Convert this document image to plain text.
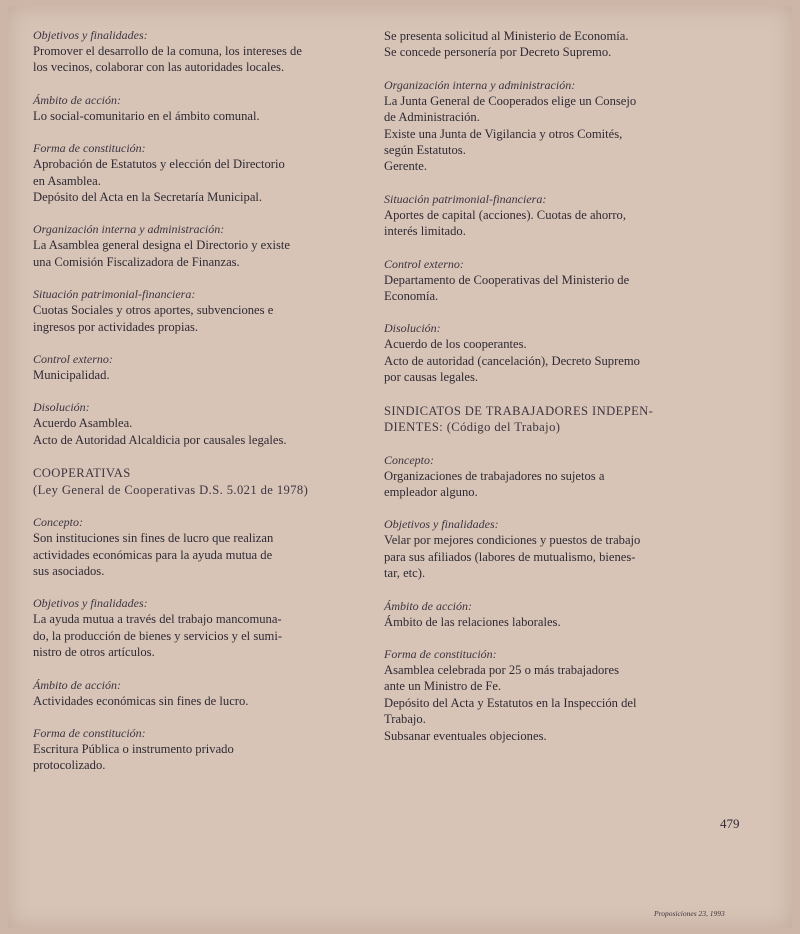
Objetivos y finalidades:
Promover el desarrollo de la comuna, los intereses de
los vecinos, colaborar con las autoridades locales.
Ámbito de acción:
Lo social-comunitario en el ámbito comunal.
Forma de constitución:
Aprobación de Estatutos y elección del Directorio
en Asamblea.
Depósito del Acta en la Secretaría Municipal.
Organización interna y administración:
La Asamblea general designa el Directorio y existe
una Comisión Fiscalizadora de Finanzas.
Situación patrimonial-financiera:
Cuotas Sociales y otros aportes, subvenciones e
ingresos por actividades propias.
Control externo:
Municipalidad.
Disolución:
Acuerdo Asamblea.
Acto de Autoridad Alcaldicia por causales legales.
COOPERATIVAS
(Ley General de Cooperativas D.S. 5.021 de 1978)
Concepto:
Son instituciones sin fines de lucro que realizan
actividades económicas para la ayuda mutua de
sus asociados.
Objetivos y finalidades:
La ayuda mutua a través del trabajo mancomuna-
do, la producción de bienes y servicios y el sumi-
nistro de otros artículos.
Ámbito de acción:
Actividades económicas sin fines de lucro.
Forma de constitución:
Escritura Pública o instrumento privado
protocolizado.
Se presenta solicitud al Ministerio de Economía.
Se concede personería por Decreto Supremo.
Organización interna y administración:
La Junta General de Cooperados elige un Consejo
de Administración.
Existe una Junta de Vigilancia y otros Comités,
según Estatutos.
Gerente.
Situación patrimonial-financiera:
Aportes de capital (acciones). Cuotas de ahorro,
interés limitado.
Control externo:
Departamento de Cooperativas del Ministerio de
Economía.
Disolución:
Acuerdo de los cooperantes.
Acto de autoridad (cancelación), Decreto Supremo
por causas legales.
SINDICATOS DE TRABAJADORES INDEPEN-
DIENTES: (Código del Trabajo)
Concepto:
Organizaciones de trabajadores no sujetos a
empleador alguno.
Objetivos y finalidades:
Velar por mejores condiciones y puestos de trabajo
para sus afiliados (labores de mutualismo, bienes-
tar, etc).
Ámbito de acción:
Ámbito de las relaciones laborales.
Forma de constitución:
Asamblea celebrada por 25 o más trabajadores
ante un Ministro de Fe.
Depósito del Acta y Estatutos en la Inspección del
Trabajo.
Subsanar eventuales objeciones.
479
Proposiciones 23, 1993
